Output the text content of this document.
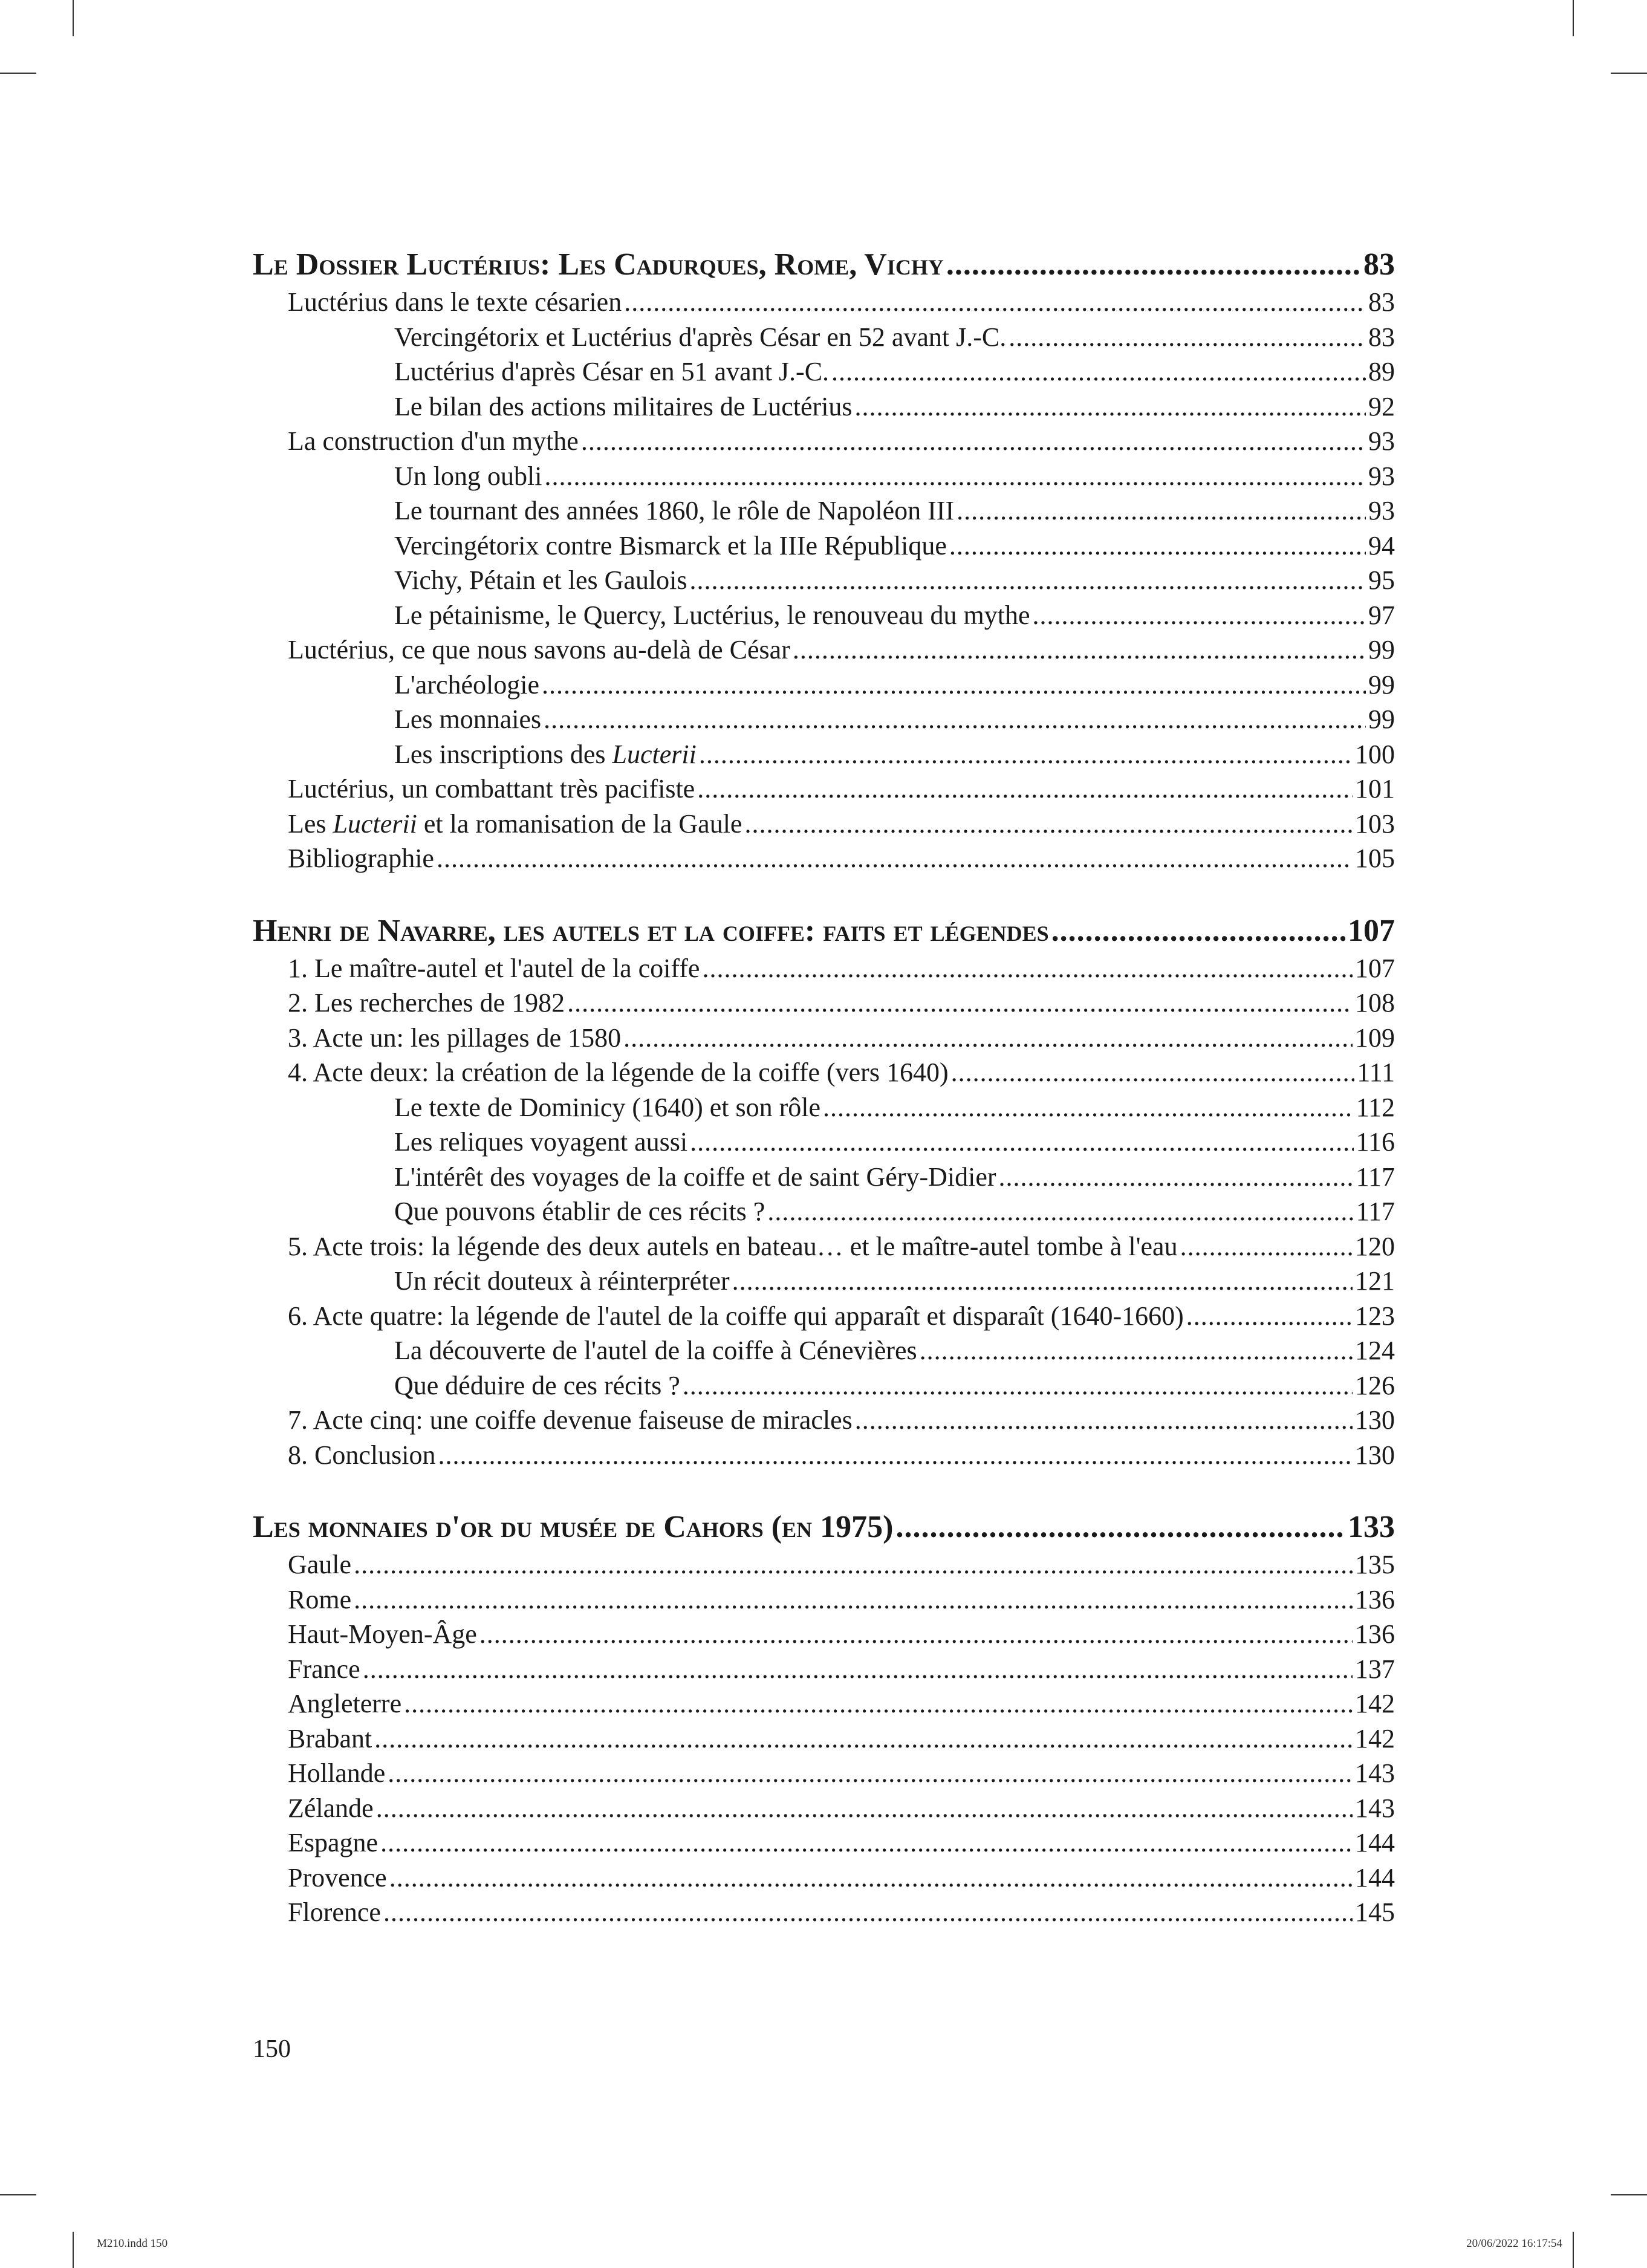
Le Dossier Luctérius: Les Cadurques, Rome, Vichy .....	83
Luctérius dans le texte césarien .....	83
Vercingétorix et Luctérius d'après César en 52 avant J.-C. .....	83
Luctérius d'après César en 51 avant J.-C. .....	89
Le bilan des actions militaires de Luctérius .....	92
La construction d'un mythe .....	93
Un long oubli .....	93
Le tournant des années 1860, le rôle de Napoléon III .....	93
Vercingétorix contre Bismarck et la IIIe République .....	94
Vichy, Pétain et les Gaulois .....	95
Le pétainisme, le Quercy, Luctérius, le renouveau du mythe .....	97
Luctérius, ce que nous savons au-delà de César .....	99
L'archéologie .....	99
Les monnaies .....	99
Les inscriptions des Lucterii .....	100
Luctérius, un combattant très pacifiste .....	101
Les Lucterii et la romanisation de la Gaule .....	103
Bibliographie .....	105
Henri de Navarre, les autels et la coiffe: faits et légendes .....	107
1. Le maître-autel et l'autel de la coiffe .....	107
2. Les recherches de 1982 .....	108
3. Acte un: les pillages de 1580 .....	109
4. Acte deux: la création de la légende de la coiffe (vers 1640) .....	111
Le texte de Dominicy (1640) et son rôle .....	112
Les reliques voyagent aussi .....	116
L'intérêt des voyages de la coiffe et de saint Géry-Didier .....	117
Que pouvons établir de ces récits ? .....	117
5. Acte trois: la légende des deux autels en bateau… et le maître-autel tombe à l'eau .....	120
Un récit douteux à réinterpréter .....	121
6. Acte quatre: la légende de l'autel de la coiffe qui apparaît et disparaît (1640-1660) .....	123
La découverte de l'autel de la coiffe à Cénevières .....	124
Que déduire de ces récits ? .....	126
7. Acte cinq: une coiffe devenue faiseuse de miracles .....	130
8. Conclusion .....	130
Les monnaies d'or du musée de Cahors (en 1975) .....	133
Gaule .....	135
Rome .....	136
Haut-Moyen-Âge .....	136
France .....	137
Angleterre .....	142
Brabant .....	142
Hollande .....	143
Zélande .....	143
Espagne .....	144
Provence .....	144
Florence .....	145
150
M210.indd 150	20/06/2022 16:17:54
